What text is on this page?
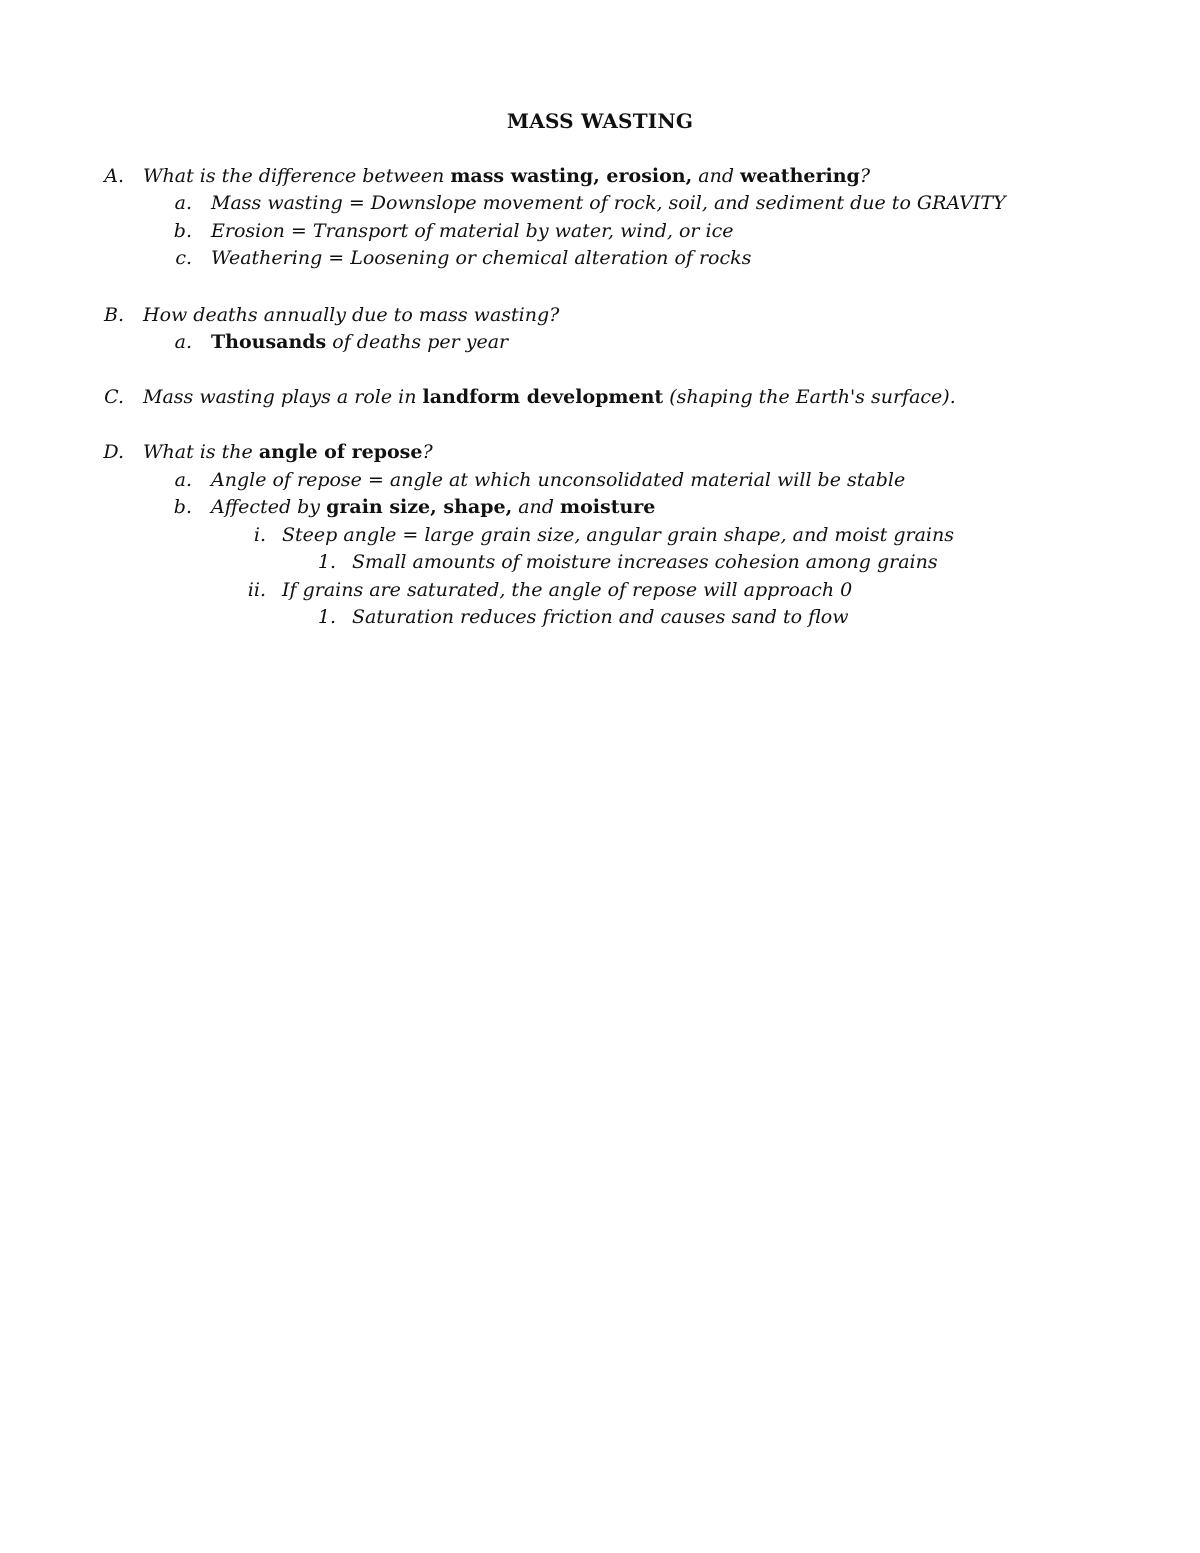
MASS WASTING
A. What is the difference between mass wasting, erosion, and weathering?
a. Mass wasting = Downslope movement of rock, soil, and sediment due to GRAVITY
b. Erosion = Transport of material by water, wind, or ice
c. Weathering = Loosening or chemical alteration of rocks
B. How deaths annually due to mass wasting?
a. Thousands of deaths per year
C. Mass wasting plays a role in landform development (shaping the Earth's surface).
D. What is the angle of repose?
a. Angle of repose = angle at which unconsolidated material will be stable
b. Affected by grain size, shape, and moisture
i. Steep angle = large grain size, angular grain shape, and moist grains
1. Small amounts of moisture increases cohesion among grains
ii. If grains are saturated, the angle of repose will approach 0
1. Saturation reduces friction and causes sand to flow
